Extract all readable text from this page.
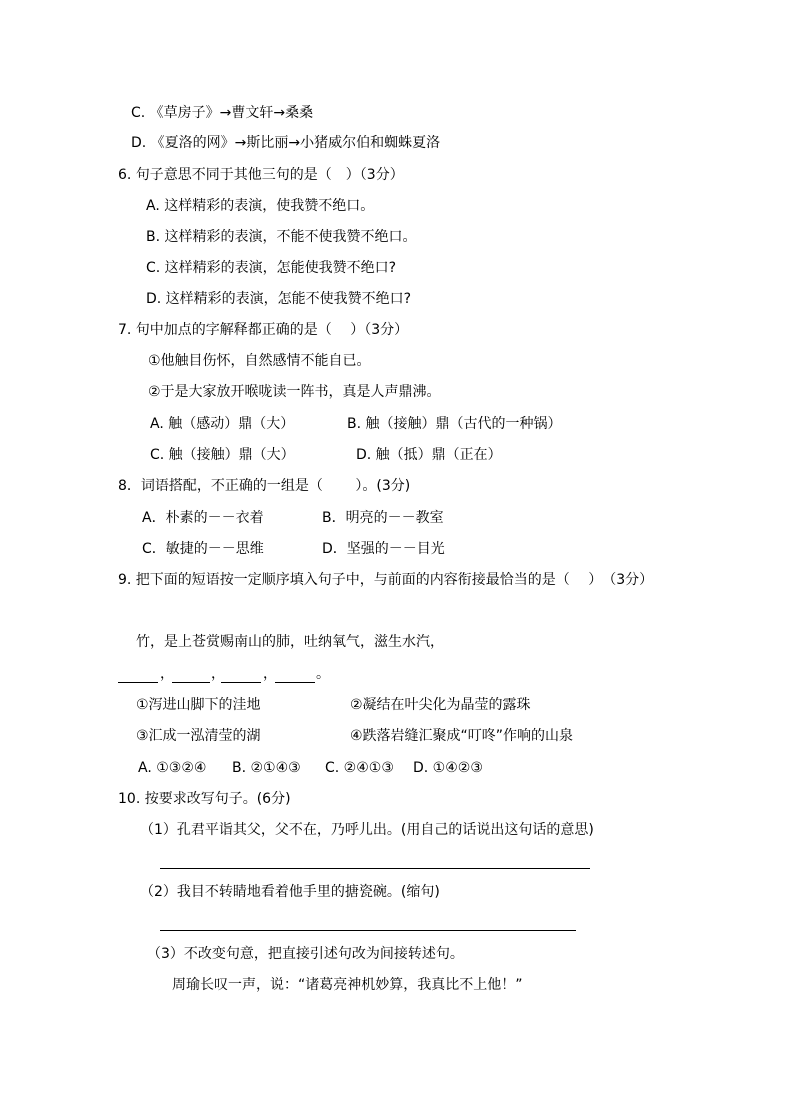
C. 《草房子》→曹文轩→桑桑
D. 《夏洛的网》→斯比丽→小猪威尔伯和蜘蛛夏洛
6. 句子意思不同于其他三句的是（　）（3分）
A. 这样精彩的表演，使我赞不绝口。
B. 这样精彩的表演，不能不使我赞不绝口。
C. 这样精彩的表演，怎能使我赞不绝口?
D. 这样精彩的表演，怎能不使我赞不绝口?
7. 句中加点的字解释都正确的是（　 ）（3分）
①他触目伤怀，自然感情不能自已。
②于是大家放开喉咙读一阵书，真是人声鼎沸。
A. 触（感动）鼎（大）	B. 触（接触）鼎（古代的一种锅）
C. 触（接触）鼎（大）	D. 触（抵）鼎（正在）
8．词语搭配，不正确的一组是（　　 ）。(3分)
A．朴素的－－衣着	B．明亮的－－教室
C．敏捷的－－思维	D．坚强的－－目光
9. 把下面的短语按一定顺序填入句子中，与前面的内容衔接最恰当的是（　 ）　（3分）
竹，是上苍赏赐南山的肺，吐纳氧气，滋生水汽，
，	，	，	。
①泻进山脚下的洼地	②凝结在叶尖化为晶莹的露珠
③汇成一泓清莹的湖	④跌落岩缝汇聚成“叮咚”作响的山泉
A. ①③②④ B. ②①④③ C. ②④①③ D. ①④②③
10. 按要求改写句子。(6分)
（1）孔君平诣其父，父不在，乃呼儿出。(用自己的话说出这句话的意思)
（2）我目不转睛地看着他手里的搪瓷碗。(缩句)
（3）不改变句意，把直接引述句改为间接转述句。
周瑜长叹一声，说：“诸葛亮神机妙算，我真比不上他！”
